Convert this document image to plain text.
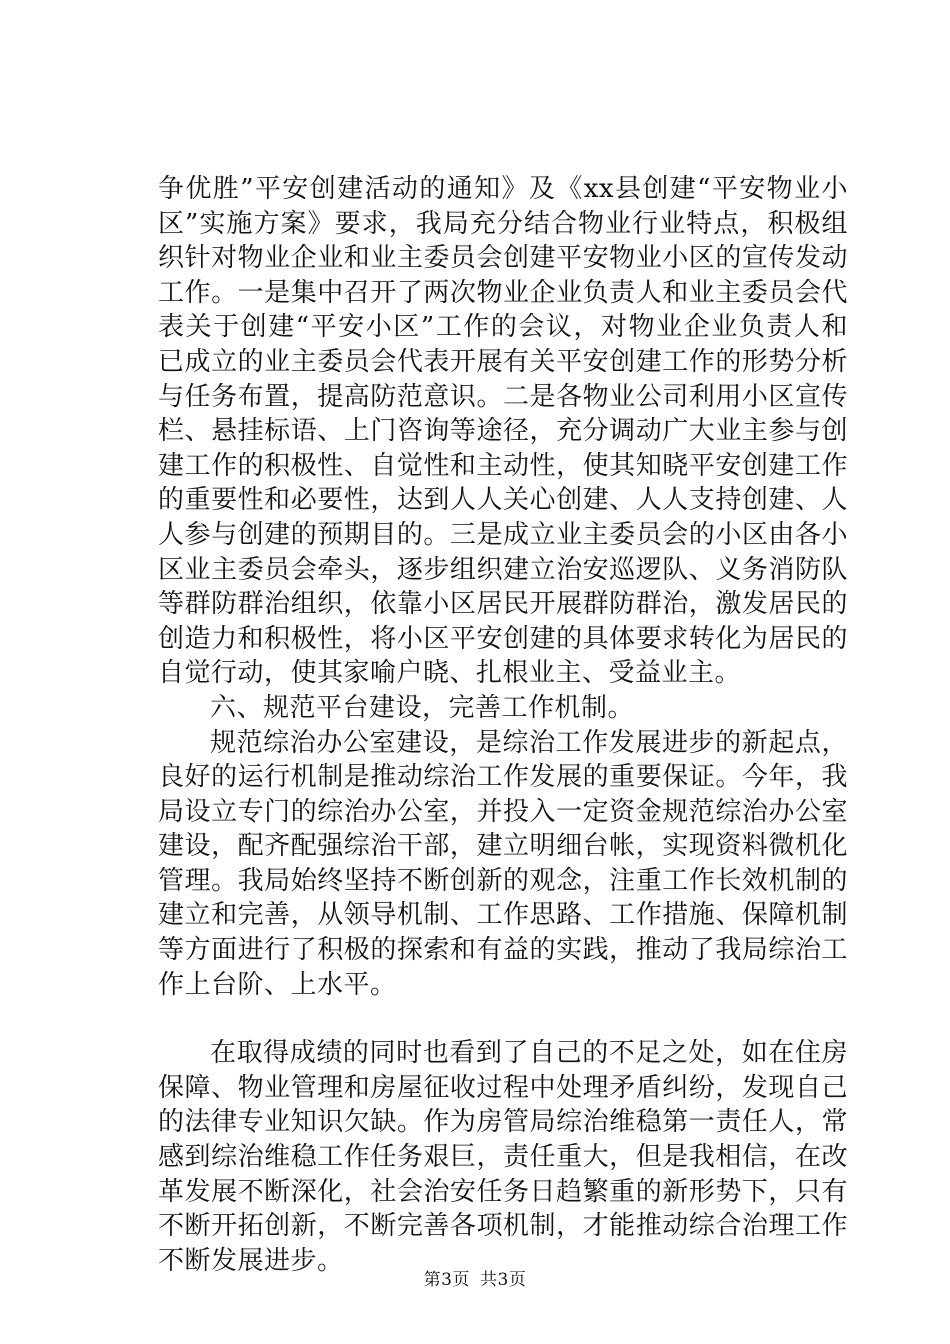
争优胜”平安创建活动的通知》及《xx县创建“平安物业小区”实施方案》要求，我局充分结合物业行业特点，积极组织针对物业企业和业主委员会创建平安物业小区的宣传发动工作。一是集中召开了两次物业企业负责人和业主委员会代表关于创建“平安小区”工作的会议，对物业企业负责人和已成立的业主委员会代表开展有关平安创建工作的形势分析与任务布置，提高防范意识。二是各物业公司利用小区宣传栏、悬挂标语、上门咨询等途径，充分调动广大业主参与创建工作的积极性、自觉性和主动性，使其知晓平安创建工作的重要性和必要性，达到人人关心创建、人人支持创建、人人参与创建的预期目的。三是成立业主委员会的小区由各小区业主委员会牵头，逐步组织建立治安巡逻队、义务消防队等群防群治组织，依靠小区居民开展群防群治，激发居民的创造力和积极性，将小区平安创建的具体要求转化为居民的自觉行动，使其家喻户晓、扎根业主、受益业主。

六、规范平台建设，完善工作机制。

规范综治办公室建设，是综治工作发展进步的新起点，良好的运行机制是推动综治工作发展的重要保证。今年，我局设立专门的综治办公室，并投入一定资金规范综治办公室建设，配齐配强综治干部，建立明细台帐，实现资料微机化管理。我局始终坚持不断创新的观念，注重工作长效机制的建立和完善，从领导机制、工作思路、工作措施、保障机制等方面进行了积极的探索和有益的实践，推动了我局综治工作上台阶、上水平。

在取得成绩的同时也看到了自己的不足之处，如在住房保障、物业管理和房屋征收过程中处理矛盾纠纷，发现自己的法律专业知识欠缺。作为房管局综治维稳第一责任人，常感到综治维稳工作任务艰巨，责任重大，但是我相信，在改革发展不断深化，社会治安任务日趋繁重的新形势下，只有不断开拓创新，不断完善各项机制，才能推动综合治理工作不断发展进步。

第3页 共3页
